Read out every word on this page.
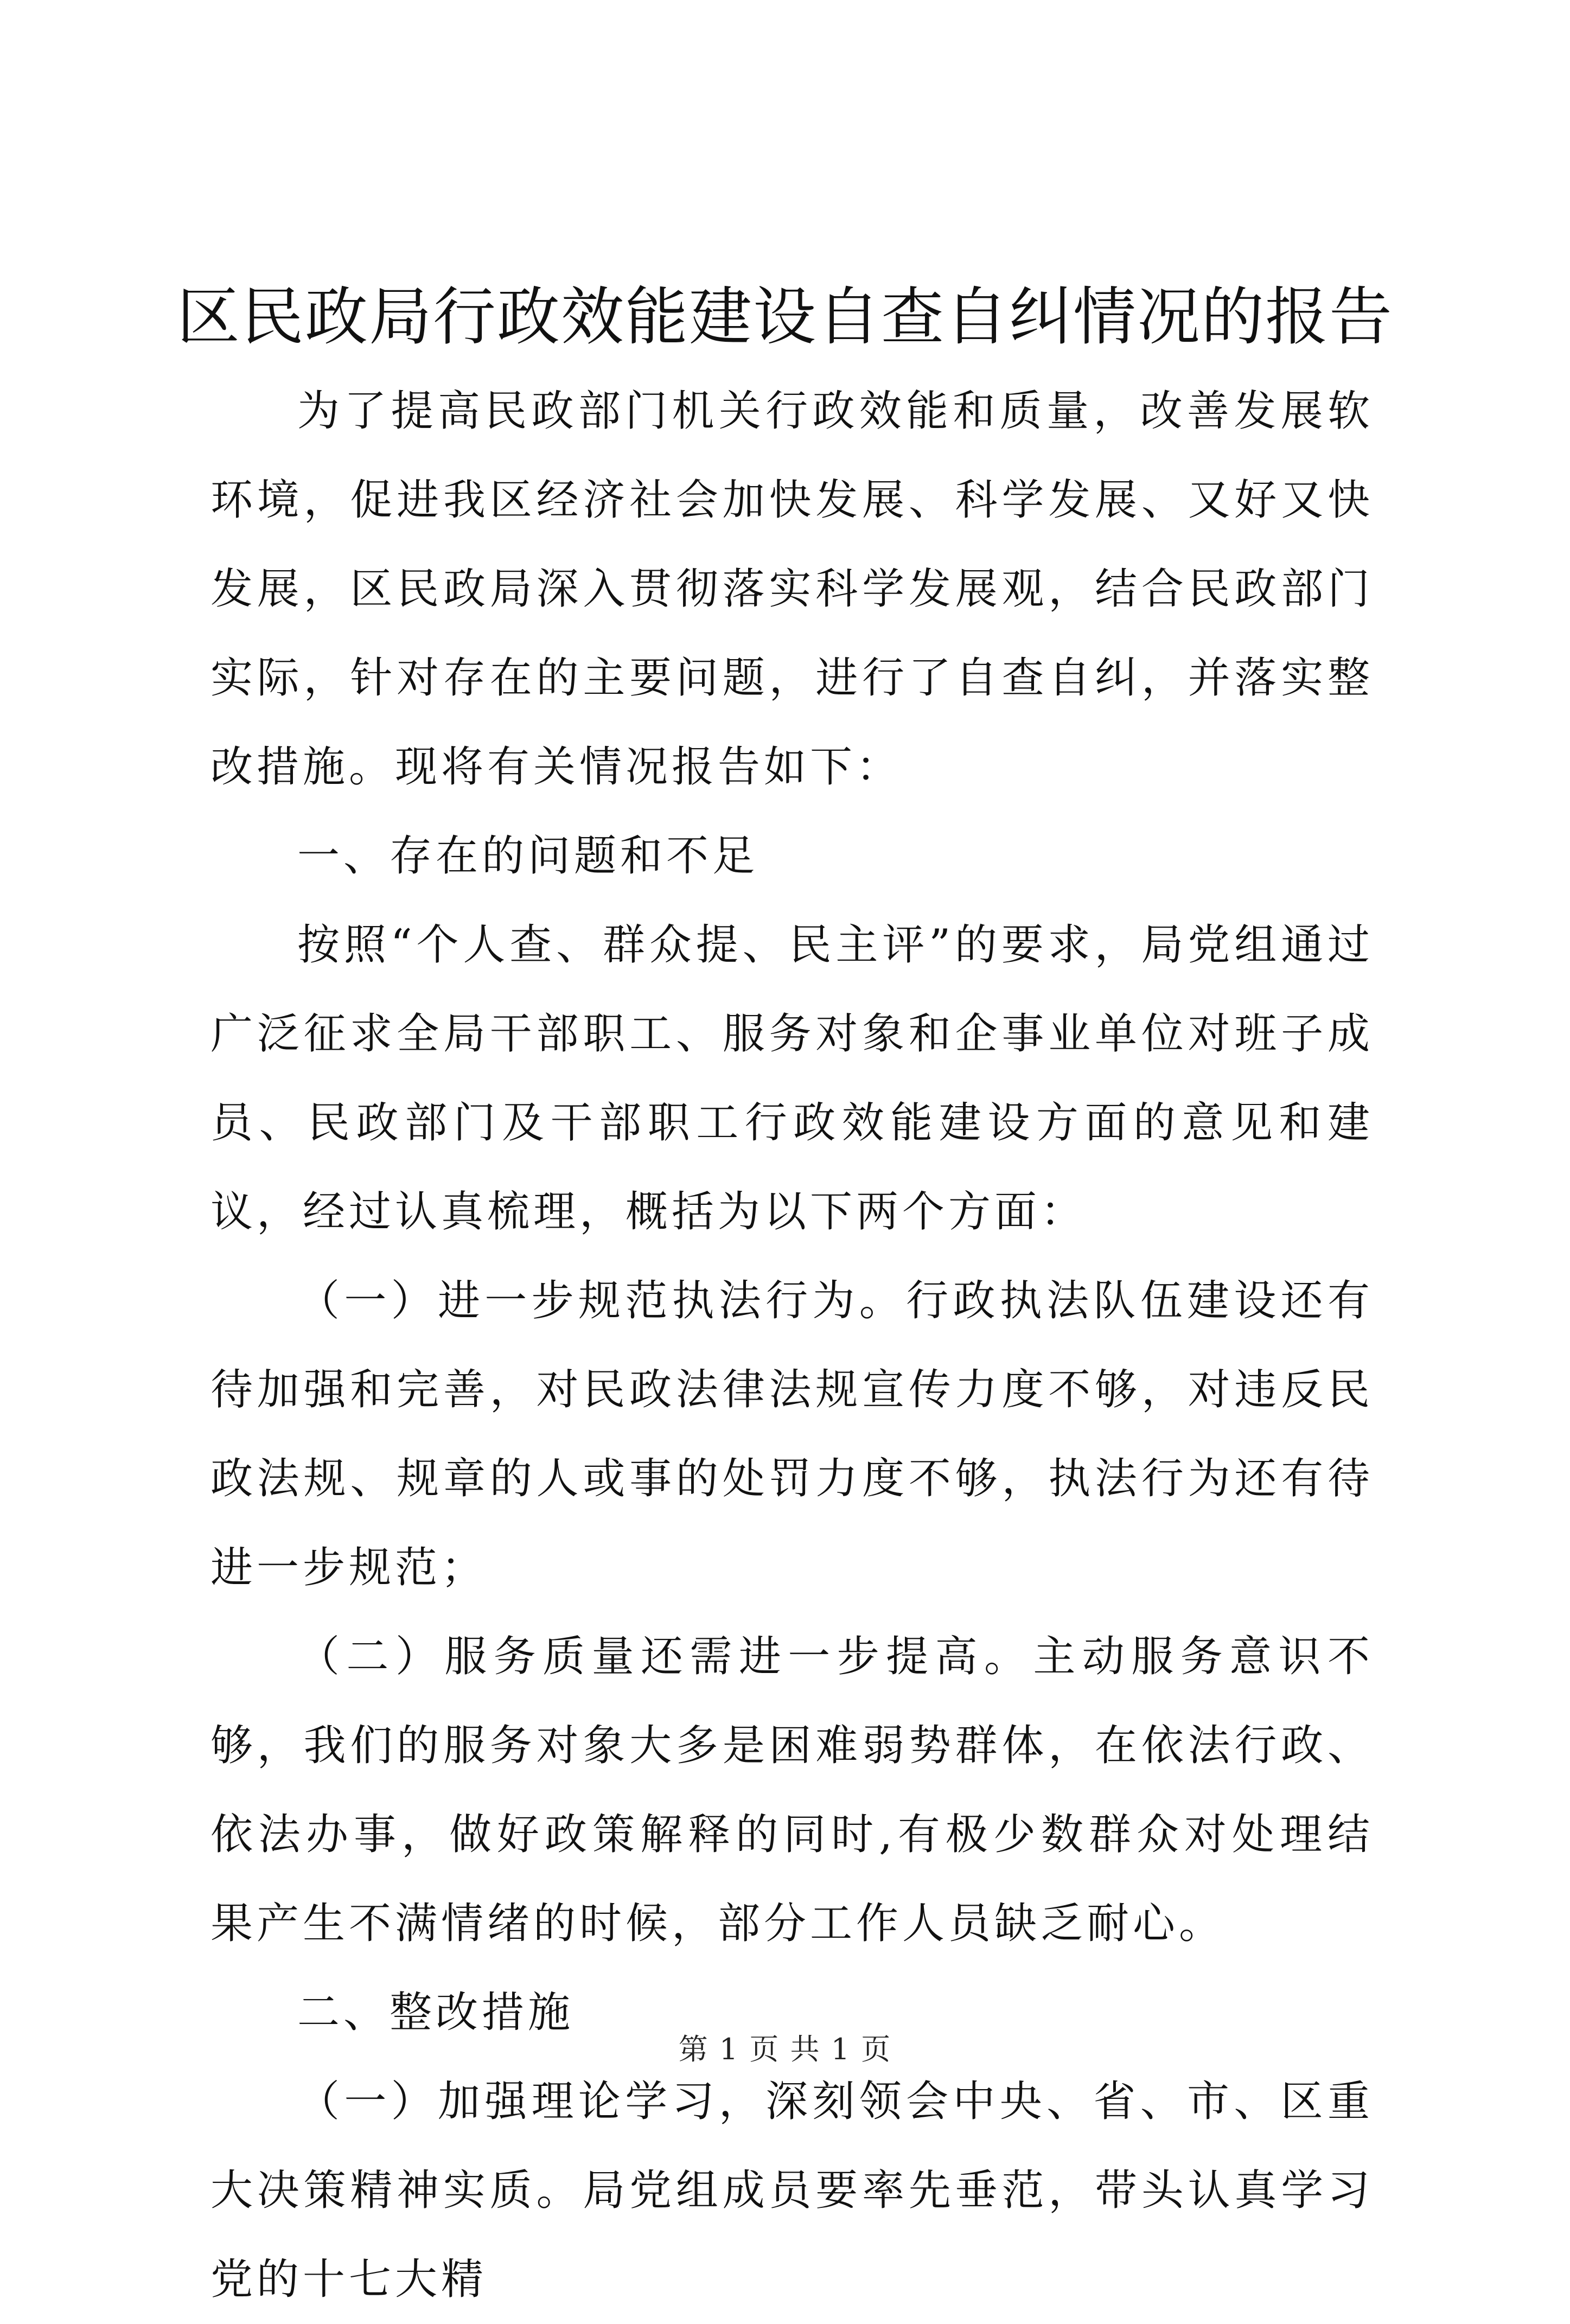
区民政局行政效能建设自查自纠情况的报告

为了提高民政部门机关行政效能和质量，改善发展软环境，促进我区经济社会加快发展、科学发展、又好又快发展，区民政局深入贯彻落实科学发展观，结合民政部门实际，针对存在的主要问题，进行了自查自纠，并落实整改措施。现将有关情况报告如下：

一、存在的问题和不足

按照“个人查、群众提、民主评”的要求，局党组通过广泛征求全局干部职工、服务对象和企事业单位对班子成员、民政部门及干部职工行政效能建设方面的意见和建议，经过认真梳理，概括为以下两个方面：

（一）进一步规范执法行为。行政执法队伍建设还有待加强和完善，对民政法律法规宣传力度不够，对违反民政法规、规章的人或事的处罚力度不够，执法行为还有待进一步规范；

（二）服务质量还需进一步提高。主动服务意识不够，我们的服务对象大多是困难弱势群体，在依法行政、依法办事，做好政策解释的同时,有极少数群众对处理结果产生不满情绪的时候，部分工作人员缺乏耐心。

二、整改措施

（一）加强理论学习，深刻领会中央、省、市、区重大决策精神实质。局党组成员要率先垂范，带头认真学习党的十七大精

第 1 页 共 1 页
